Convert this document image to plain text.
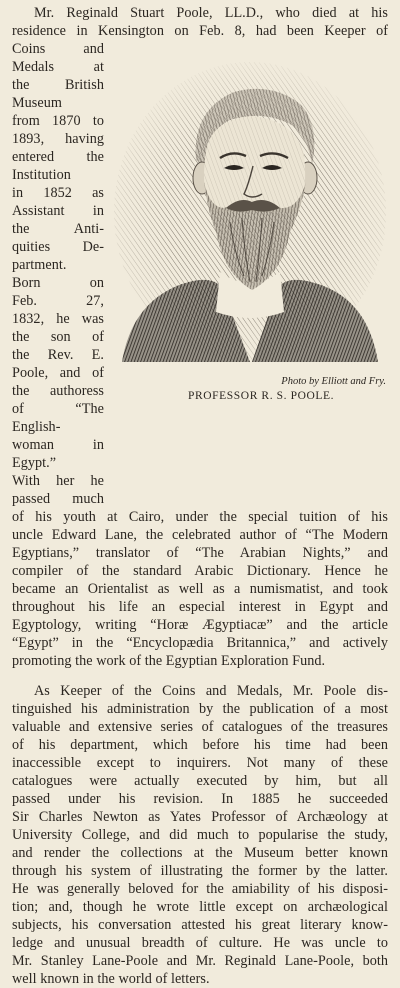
Mr. Reginald Stuart Poole, LL.D., who died at his
residence in Kensington on Feb. 8, had been Keeper of
Coins and
Medals at
the British
Museum
from 1870 to
1893, having
entered the
Institution
in 1852 as
Assistant in
the Anti-
quities De-
partment.
Born on
Feb. 27,
1832, he was
the son of
the Rev. E.
Poole, and of
the authoress
of “The
English-
woman in
Egypt.”
With her he
passed much
Photo by Elliott and Fry.
PROFESSOR R. S. POOLE.
of his youth at Cairo, under the special tuition of his
uncle Edward Lane, the celebrated author of “The Modern
Egyptians,” translator of “The Arabian Nights,” and
compiler of the standard Arabic Dictionary. Hence he
became an Orientalist as well as a numismatist, and took
throughout his life an especial interest in Egypt and
Egyptology, writing “Horæ Ægyptiacæ” and the article
“Egypt” in the “Encyclopædia Britannica,” and actively
promoting the work of the Egyptian Exploration Fund.
As Keeper of the Coins and Medals, Mr. Poole dis-
tinguished his administration by the publication of a most
valuable and extensive series of catalogues of the treasures
of his department, which before his time had been
inaccessible except to inquirers. Not many of these
catalogues were actually executed by him, but all
passed under his revision. In 1885 he succeeded
Sir Charles Newton as Yates Professor of Archæology at
University College, and did much to popularise the study,
and render the collections at the Museum better known
through his system of illustrating the former by the latter.
He was generally beloved for the amiability of his disposi-
tion; and, though he wrote little except on archæological
subjects, his conversation attested his great literary know-
ledge and unusual breadth of culture. He was uncle to
Mr. Stanley Lane-Poole and Mr. Reginald Lane-Poole, both
well known in the world of letters.
